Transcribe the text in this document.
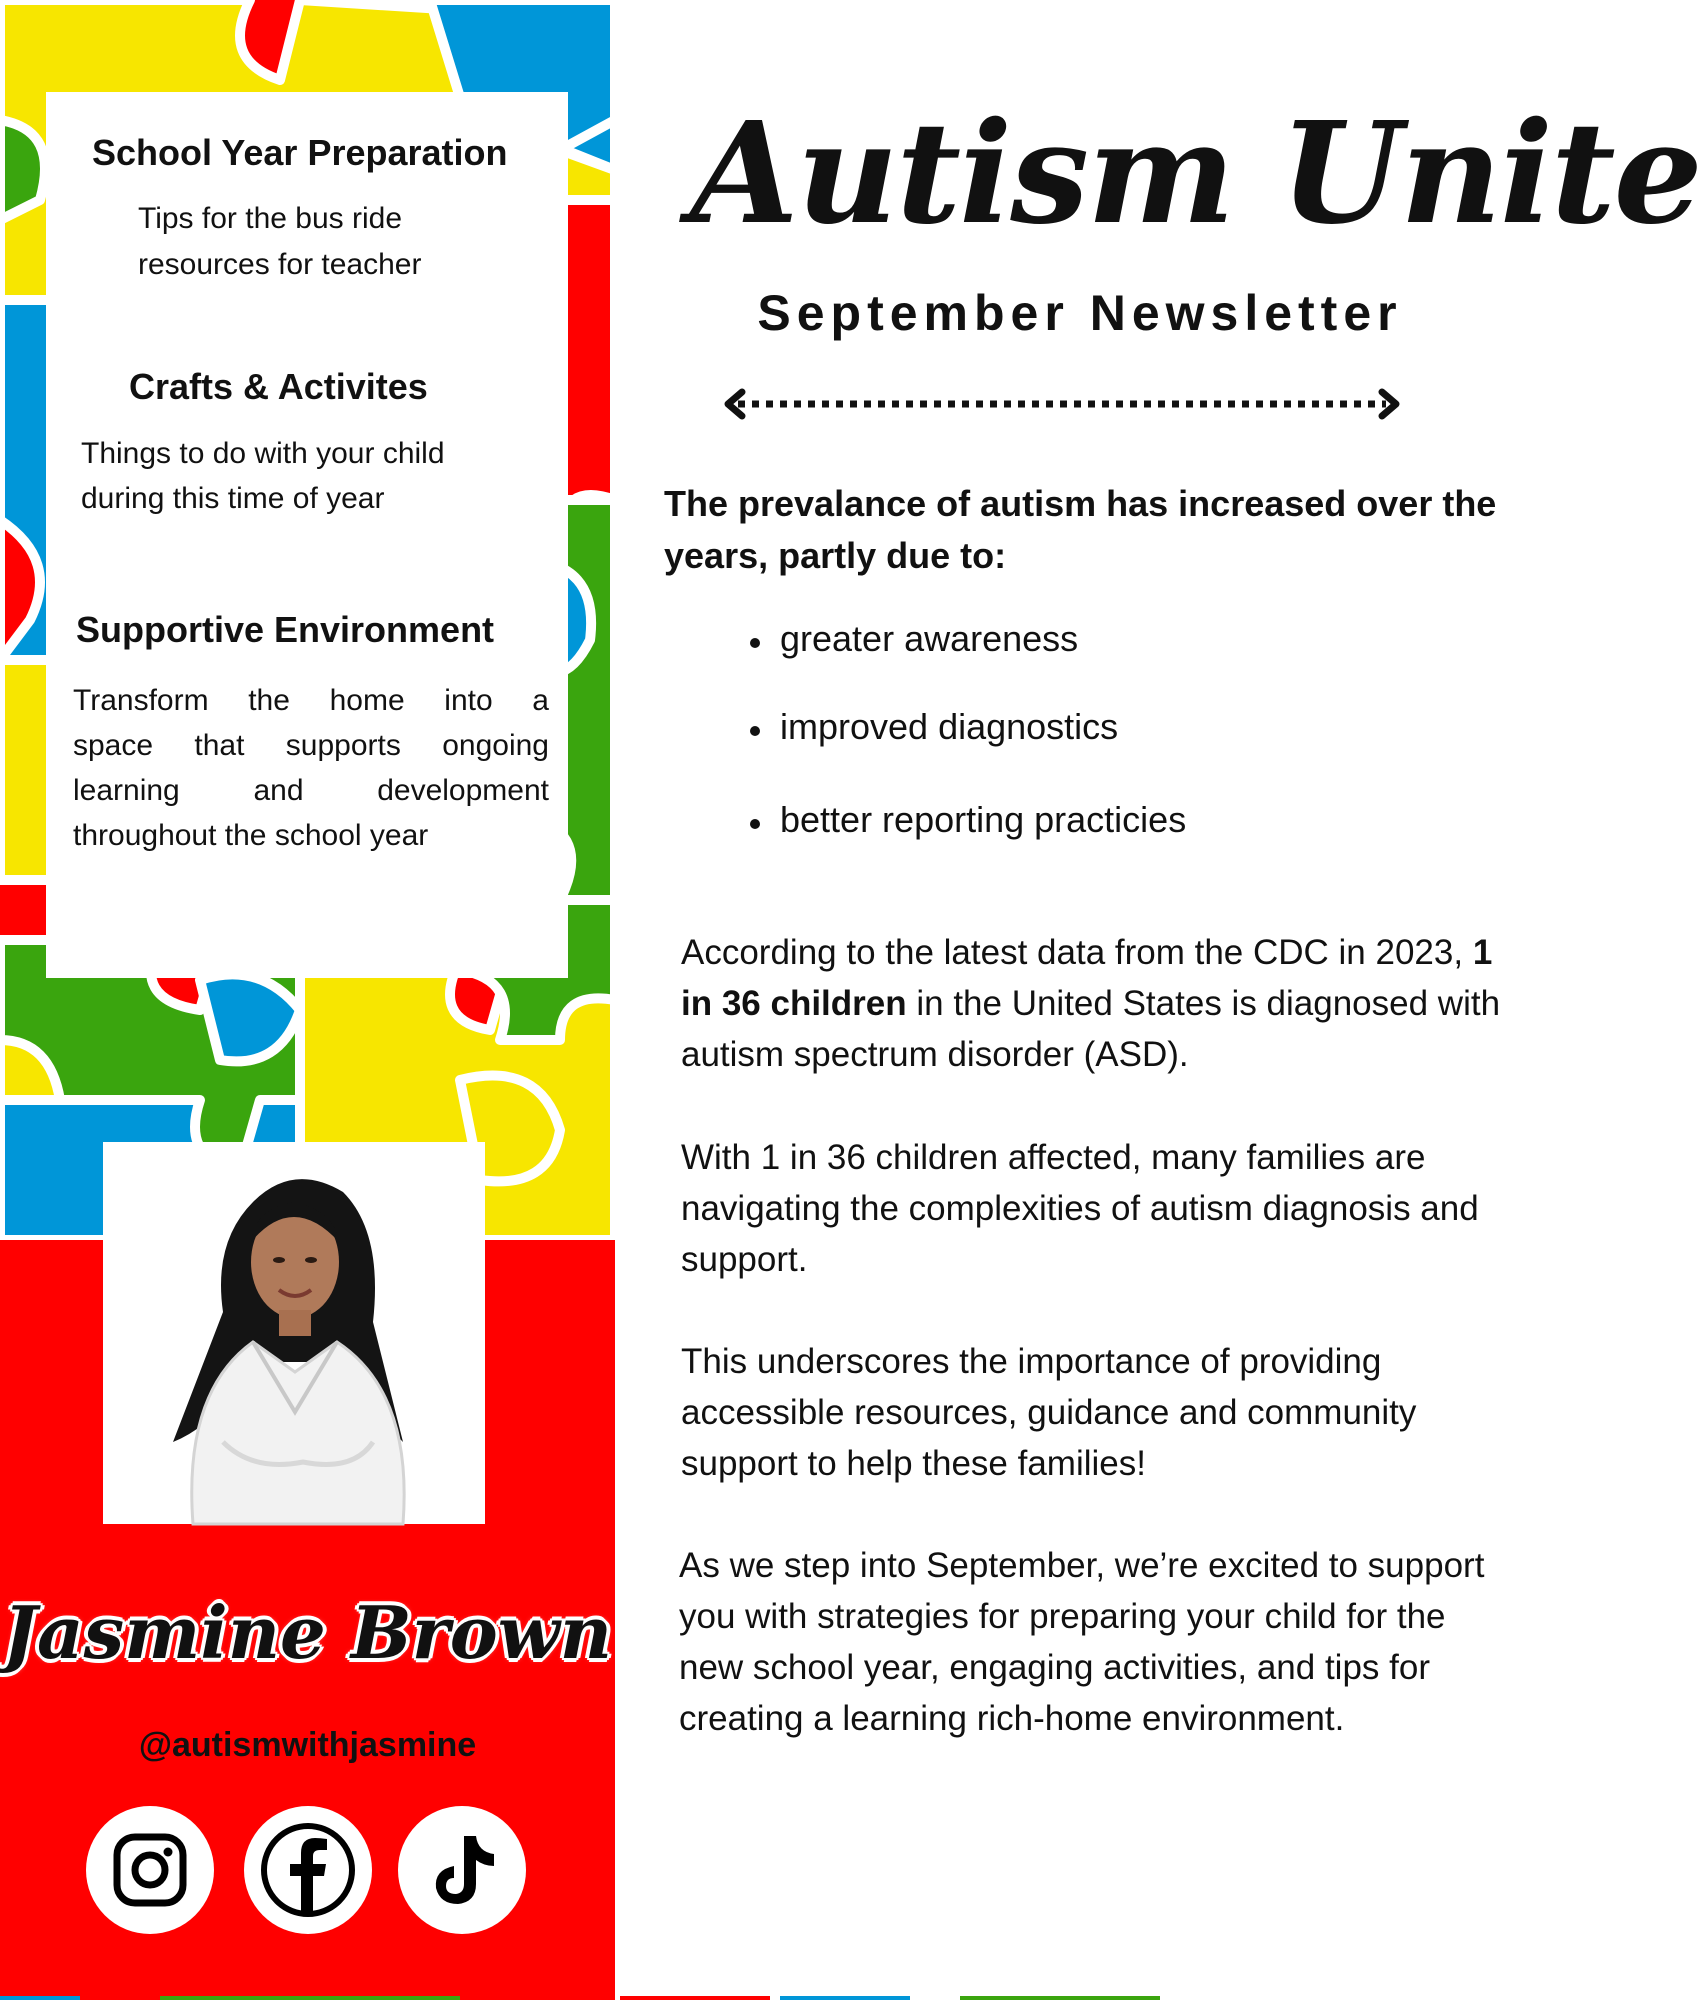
School Year Preparation
Tips for the bus ride
resources for teacher
Crafts & Activites
Things to do with your child
during this time of year
Supportive Environment
Transform the home into a
space that supports ongoing
learning and development
throughout the school year
Jasmine Brown
@autismwithjasmine
Autism Unite
September Newsletter
The prevalance of autism has increased over the years, partly due to:
greater awareness
improved diagnostics
better reporting practicies
According to the latest data from the CDC in 2023, 1 in 36 children in the United States is diagnosed with autism spectrum disorder (ASD).
With 1 in 36 children affected, many families are navigating the complexities of autism diagnosis and support.
This underscores the importance of providing accessible resources, guidance and community support to help these families!
As we step into September, we’re excited to support you with strategies for preparing your child for the new school year, engaging activities, and tips for creating a learning rich-home environment.
